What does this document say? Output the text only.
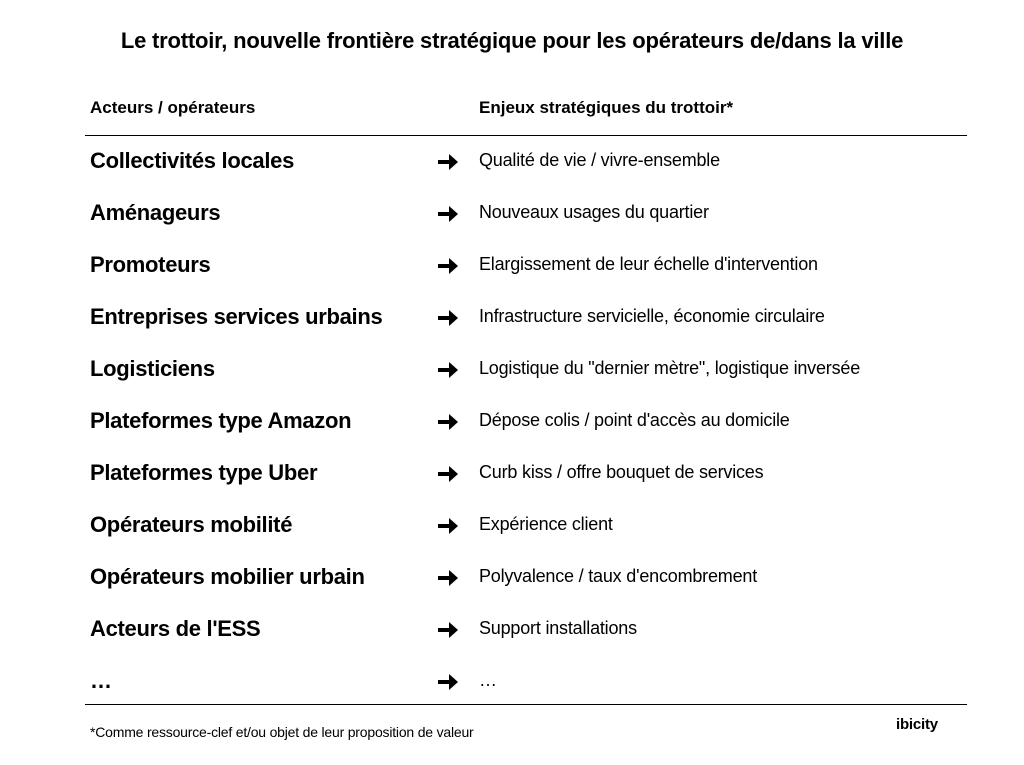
Le trottoir, nouvelle frontière stratégique pour les opérateurs de/dans la ville
Acteurs / opérateurs	Enjeux stratégiques du trottoir*
Collectivités locales	Qualité de vie / vivre-ensemble
Aménageurs	Nouveaux usages du quartier
Promoteurs	Elargissement de leur échelle d'intervention
Entreprises services urbains	Infrastructure servicielle, économie circulaire
Logisticiens	Logistique du "dernier mètre", logistique inversée
Plateformes type Amazon	Dépose colis / point d'accès au domicile
Plateformes type Uber	Curb kiss / offre bouquet de services
Opérateurs mobilité	Expérience client
Opérateurs mobilier urbain	Polyvalence / taux d'encombrement
Acteurs de l'ESS	Support installations
…	…
*Comme ressource-clef et/ou objet de leur proposition de valeur	ibicity
